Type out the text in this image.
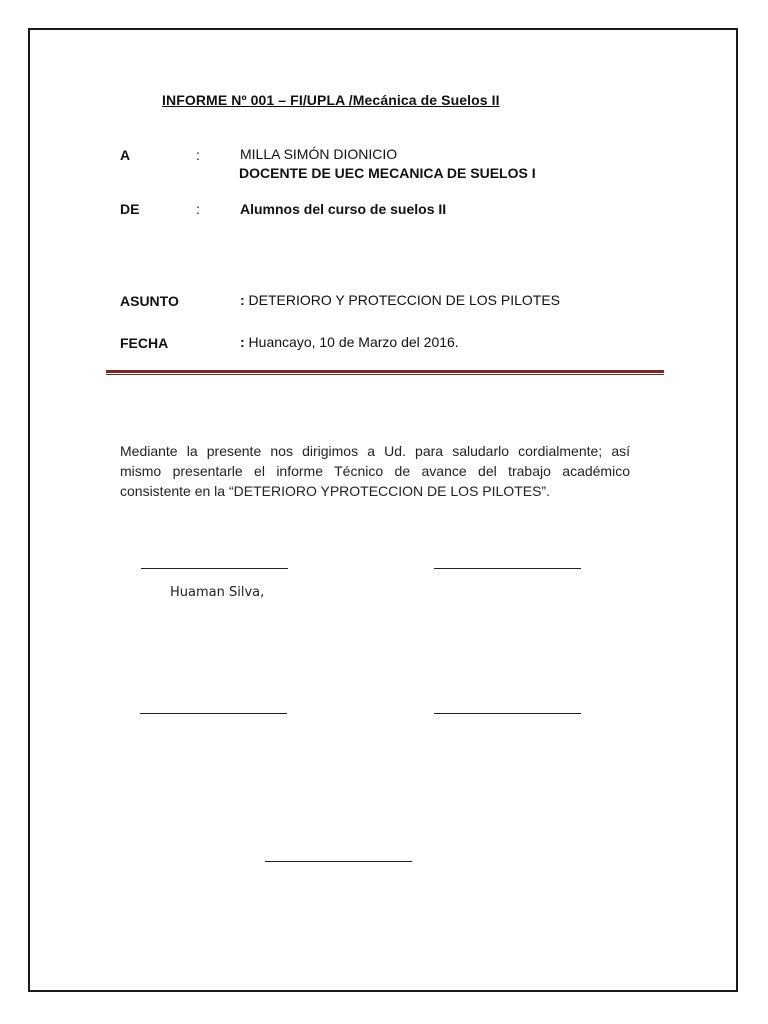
INFORME Nº 001 – FI/UPLA /Mecánica de Suelos II
A	:	MILLA SIMÓN DIONICIO
DOCENTE DE UEC MECANICA DE SUELOS I
DE	:	Alumnos del curso de suelos II
ASUNTO	: DETERIORO Y PROTECCION DE LOS PILOTES
FECHA	: Huancayo, 10 de Marzo del 2016.
Mediante la presente nos dirigimos a Ud. para saludarlo cordialmente; así
mismo presentarle el informe Técnico de avance del trabajo académico
consistente en la “DETERIORO YPROTECCION DE LOS PILOTES”.
Huaman Silva,
